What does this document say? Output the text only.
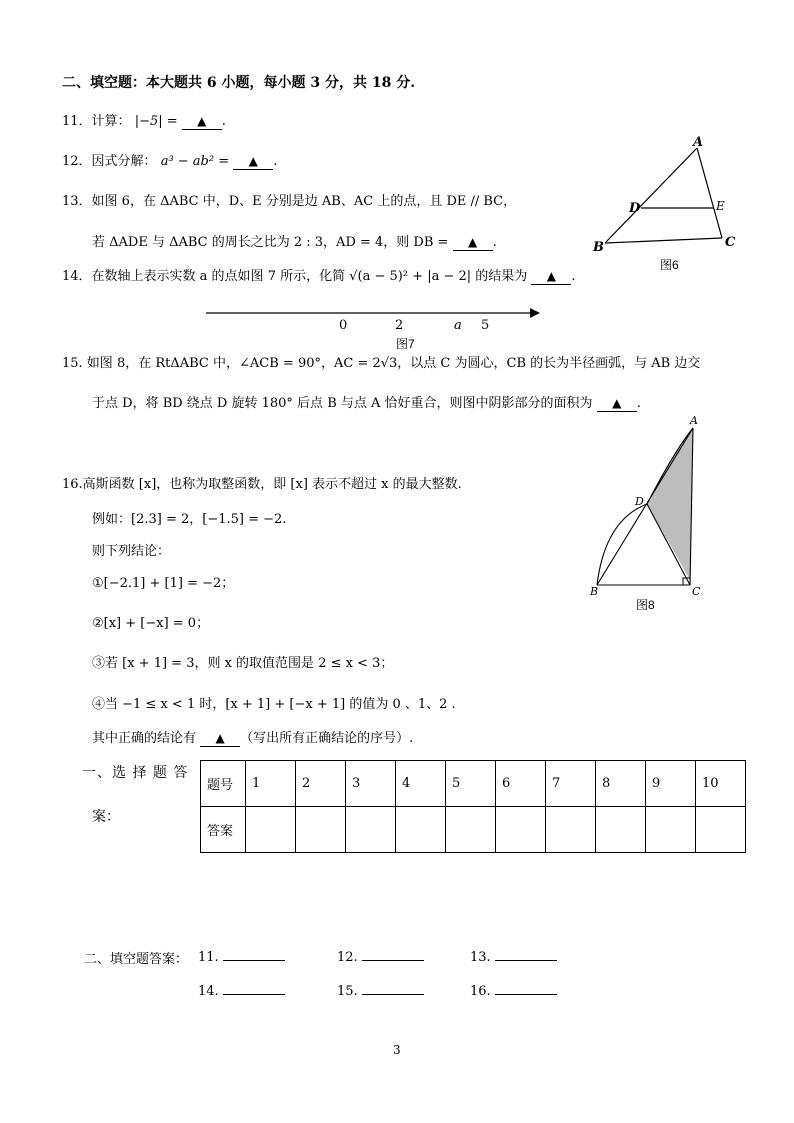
二、填空题：本大题共 6 小题，每小题 3 分，共 18 分.
11．计算： |−5| = ▲ .
12．因式分解： a³ − ab² = ▲ .
13．如图 6，在 ΔABC 中，D、E 分别是边 AB、AC 上的点，且 DE // BC，
若 ΔADE 与 ΔABC 的周长之比为 2 : 3，AD = 4，则 DB = ▲ .
A
D	E
B	C
图6
14．在数轴上表示实数 a 的点如图 7 所示，化简 √(a − 5)² + |a − 2| 的结果为 ▲ .
0	2	a 5
图7
15. 如图 8，在 RtΔABC 中，∠ACB = 90°，AC = 2√3，以点 C 为圆心，CB 的长为半径画弧，与 AB 边交
于点 D，将 BD 绕点 D 旋转 180° 后点 B 与点 A 恰好重合，则图中阴影部分的面积为 ▲ .
16.高斯函数 [x]，也称为取整函数，即 [x] 表示不超过 x 的最大整数.
例如：[2.3] = 2，[−1.5] = −2.
则下列结论：
①[−2.1] + [1] = −2；
②[x] + [−x] = 0；
③若 [x + 1] = 3，则 x 的取值范围是 2 ≤ x < 3；
④当 −1 ≤ x < 1 时，[x + 1] + [−x + 1] 的值为 0 、1、2 .
其中正确的结论有 ▲ （写出所有正确结论的序号）.
A
D
B	C
图8
一、选 择 题 答
案：
题号	1	2	3	4	5	6	7	8	9	10
答案										
二、填空题答案： 11.	12.	13.
14.	15.	16.
3
